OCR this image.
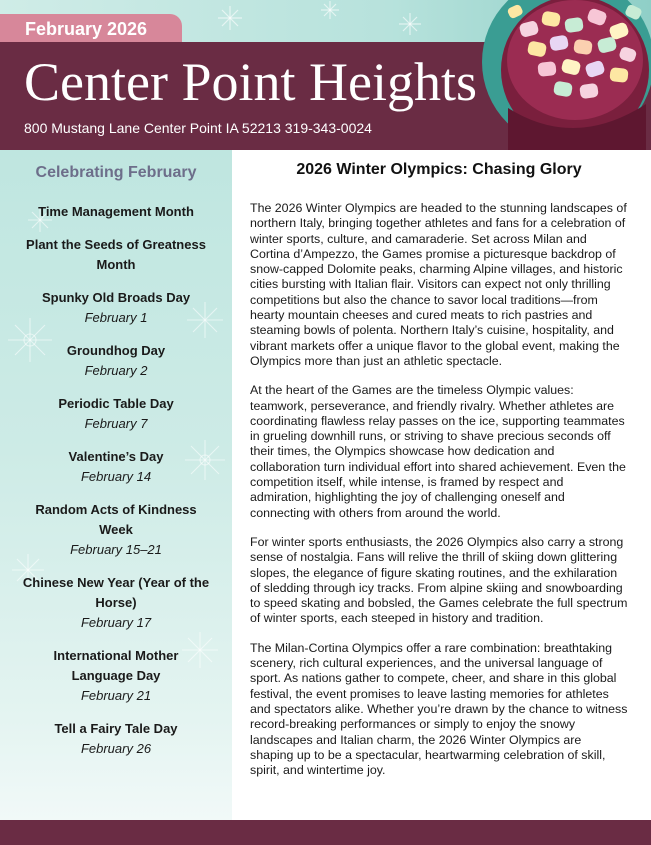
February 2026
Center Point Heights
800 Mustang Lane Center Point IA 52213 319-343-0024
Celebrating February
Time Management Month
Plant the Seeds of Greatness Month
Spunky Old Broads Day
February 1
Groundhog Day
February 2
Periodic Table Day
February 7
Valentine’s Day
February 14
Random Acts of Kindness Week
February 15–21
Chinese New Year (Year of the Horse)
February 17
International Mother Language Day
February 21
Tell a Fairy Tale Day
February 26
2026 Winter Olympics: Chasing Glory

The 2026 Winter Olympics are headed to the stunning landscapes of northern Italy, bringing together athletes and fans for a celebration of winter sports, culture, and camaraderie. Set across Milan and Cortina d’Ampezzo, the Games promise a picturesque backdrop of snow-capped Dolomite peaks, charming Alpine villages, and historic cities bursting with Italian flair. Visitors can expect not only thrilling competitions but also the chance to savor local traditions—from hearty mountain cheeses and cured meats to rich pastries and steaming bowls of polenta. Northern Italy’s cuisine, hospitality, and vibrant markets offer a unique flavor to the global event, making the Olympics more than just an athletic spectacle.

At the heart of the Games are the timeless Olympic values: teamwork, perseverance, and friendly rivalry. Whether athletes are coordinating flawless relay passes on the ice, supporting teammates in grueling downhill runs, or striving to shave precious seconds off their times, the Olympics showcase how dedication and collaboration turn individual effort into shared achievement. Even the competition itself, while intense, is framed by respect and admiration, highlighting the joy of challenging oneself and connecting with others from around the world.

For winter sports enthusiasts, the 2026 Olympics also carry a strong sense of nostalgia. Fans will relive the thrill of skiing down glittering slopes, the elegance of figure skating routines, and the exhilaration of sledding through icy tracks. From alpine skiing and snowboarding to speed skating and bobsled, the Games celebrate the full spectrum of winter sports, each steeped in history and tradition.

The Milan-Cortina Olympics offer a rare combination: breathtaking scenery, rich cultural experiences, and the universal language of sport. As nations gather to compete, cheer, and share in this global festival, the event promises to leave lasting memories for athletes and spectators alike. Whether you’re drawn by the chance to witness record-breaking performances or simply to enjoy the snowy landscapes and Italian charm, the 2026 Winter Olympics are shaping up to be a spectacular, heartwarming celebration of skill, spirit, and wintertime joy.
